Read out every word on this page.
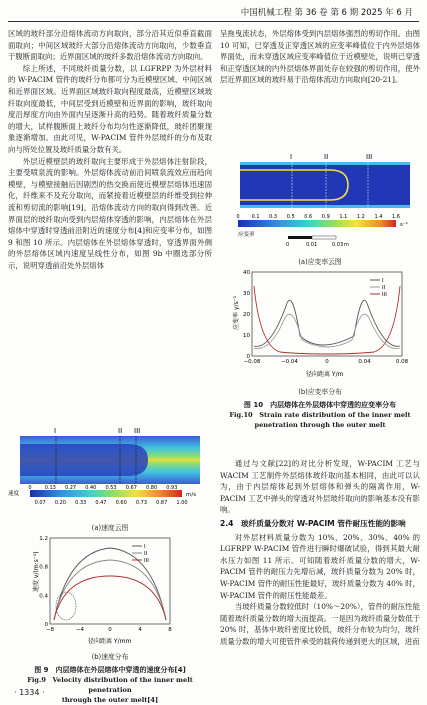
中国机械工程 第 36 卷 第 6 期 2025 年 6 月

区域的玻纤部分沿熔体流动方向取向，部分沿其近似垂直截面面取向；中间区域玻纤大部分沿熔体流动方向取向，少数垂直于腹断面取向；近界面区域的玻纤多数沿熔体流动方向取向。

综上所述，不同玻纤质量分数，以 LGFRPP 为外层材料的 W-PACIM 管件的玻纤分布都可分为近模壁区域、中间区域和近界面区域。近界面区域玻纤取向程度最高，近模壁区域玻纤取向度最低，中间层受到近模壁和近界面的影响，玻纤取向度沿厚度方向由外面内呈逐渐升高的趋势。随着玻纤质量分数的增大，试样腹断面上玻纤分布均匀性逐渐降低，玻纤团聚现象逐渐增加。由此可见，W-PACIM 管件外层玻纤的分布及取向与所处位置及玻纤质量分数有关。

外层近模壁层的玻纤取向主要形成于外层熔体注射阶段，主要受喷泉流的影响。外层熔体流动前沿间喷泉流效应而趋向模壁，与模壁接触后因剧烈的热交换而使近模壁层熔体迅速固化，纤维来不及充分取向，而紧接着近模壁层的纤维受到拉伸流和剪切流的影响[19]，沿熔体流动方向的取向得到改善。近界面层的玻纤取向受到内层熔体穿透的影响，内层熔体在外层熔体中穿透时穿透前沿附近的速度分布[4]和应变率分布，如图 9 和图 10 所示。内层熔体在外层熔体穿透时，穿透界面外侧的外层熔体区域内速度呈线性分布，如图 9b 中圈选部分所示，说明穿透前沿处外层熔体

I	II III
速度	m/s
0	0.13 0.27 0.40 0.53 0.67 0.80 0.93
0.07 0.20 0.33 0.47 0.60 0.73 0.87 1.00
(a)速度云图
0
0.4
0.8
1.2
−8	−4	0	4	8
速度 v/(m·s⁻¹)
径向距离 Y/mm
I
II
III
(b)速度分布
图 9　内层熔体在外层熔体中穿透的速度分布[4]
Fig.9　Velocity distribution of the inner melt penetration
through the outer melt[4]
· 1334 ·

呈拖曳流状态，外层熔体受到内层熔体强烈的剪切作用。由图 10 可知，已穿透及正穿透区域的应变率峰值位于内外层熔体界面处，而未穿透区域应变率峰值位于近模壁处，说明已穿透和正穿透区域的内外层熔体界面处存在较强的剪切作用，使外层近界面区域的玻纤易于沿熔体流动方向取向[20-21]。

I	II	III
0 0.1 0.3 0.5 0.6 0.9 1.1 1.2 1.4 1.6
s⁻¹
应变率
0	0.01	0.03 m
(a)应变率云图
0
10
20
30
40
−0.08	−0.04	0	0.04	0.08
应变率 γ/s⁻¹
径向距离 Y/m
I
II
III
(b)应变率分布
图 10　内层熔体在外层熔体中穿透的应变率分布
Fig.10　Strain rate distribution of the inner melt
penetration through the outer melt

通过与文献[22]的对比分析发现，W-PACIM 工艺与 WACIM 工艺制件外层熔体玻纤取向基本相同，由此可以认为，由于内层熔体起到外层熔体和弹头的隔离作用，W-PACIM 工艺中弹头的穿透对外层玻纤取向的影响基本没有影响。

2.4　玻纤质量分数对 W-PACIM 管件耐压性能的影响

对外层材料质量分数为 10%、20%、30%、40% 的 LGFRPP W-PACIM 管件进行瞬时爆破试验，得到其最大耐水压力如图 11 所示。可知随着玻纤质量分数的增大，W-PACIM 管件的耐压力先增后减，玻纤质量分数为 20% 时，W-PACIM 管件的耐压性能最好，玻纤质量分数为 40% 时，W-PACIM 管件的耐压性能最差。

当玻纤质量分数较低时（10%～20%），管件的耐压性能随着玻纤质量分数的增大而提高。一是因为玻纤质量分数低于 20% 时，基体中玻纤密度比较低，玻纤分布较为均匀，玻纤质量分数的增大可使管件承受的载荷传递到更大的区域，进而
